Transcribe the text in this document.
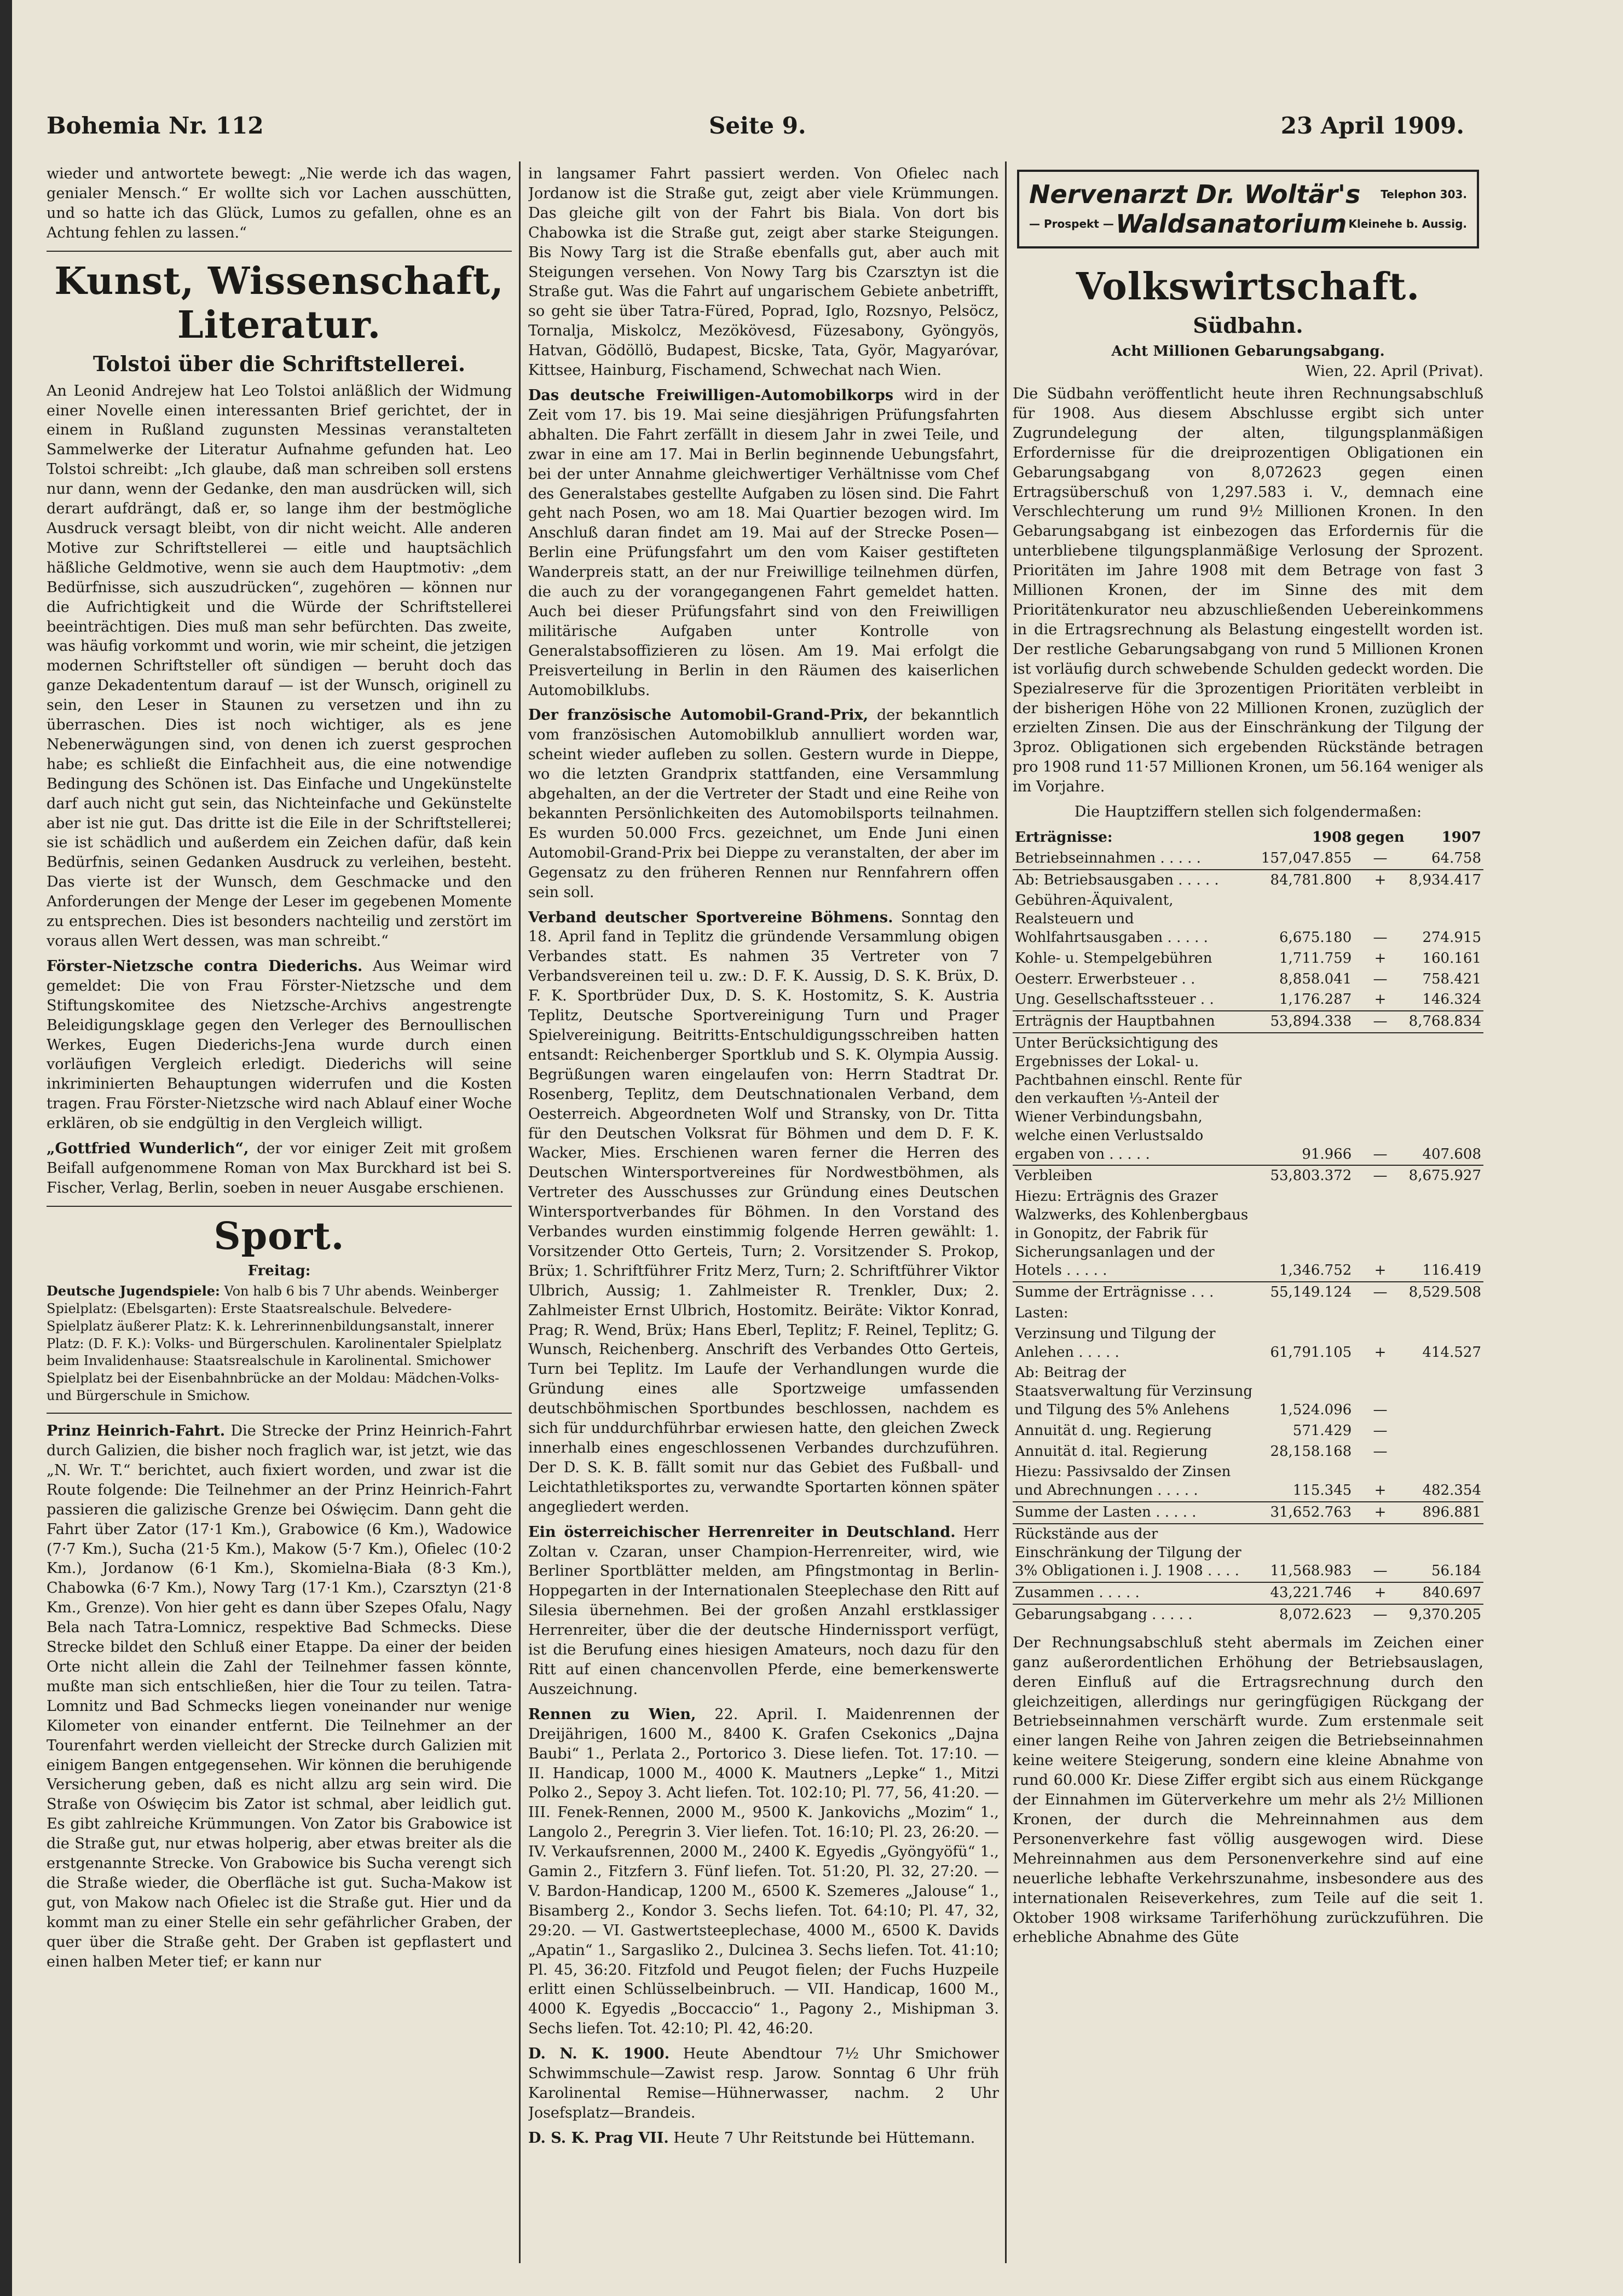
Bohemia Nr. 112	Seite 9.	23 April 1909.

wieder und antwortete bewegt: „Nie werde ich das wagen, genialer Mensch.“ Er wollte sich vor Lachen ausschütten, und so hatte ich das Glück, Lumos zu gefallen, ohne es an Achtung fehlen zu lassen.“

Kunst, Wissenschaft, Literatur.
Tolstoi über die Schriftstellerei.

An Leonid Andrejew hat Leo Tolstoi anläßlich der Widmung einer Novelle einen interessanten Brief gerichtet, der in einem in Rußland zugunsten Messinas veranstalteten Sammelwerke der Literatur Aufnahme gefunden hat. Leo Tolstoi schreibt: „Ich glaube, daß man schreiben soll erstens nur dann, wenn der Gedanke, den man ausdrücken will, sich derart aufdrängt, daß er, so lange ihm der bestmögliche Ausdruck versagt bleibt, von dir nicht weicht. Alle anderen Motive zur Schriftstellerei — eitle und hauptsächlich häßliche Geldmotive, wenn sie auch dem Hauptmotiv: „dem Bedürfnisse, sich auszudrücken“, zugehören — können nur die Aufrichtigkeit und die Würde der Schriftstellerei beeinträchtigen. Dies muß man sehr befürchten. Das zweite, was häufig vorkommt und worin, wie mir scheint, die jetzigen modernen Schriftsteller oft sündigen — beruht doch das ganze Dekadententum darauf — ist der Wunsch, originell zu sein, den Leser in Staunen zu versetzen und ihn zu überraschen. Dies ist noch wichtiger, als es jene Nebenerwägungen sind, von denen ich zuerst gesprochen habe; es schließt die Einfachheit aus, die eine notwendige Bedingung des Schönen ist. Das Einfache und Ungekünstelte darf auch nicht gut sein, das Nichteinfache und Gekünstelte aber ist nie gut. Das dritte ist die Eile in der Schriftstellerei; sie ist schädlich und außerdem ein Zeichen dafür, daß kein Bedürfnis, seinen Gedanken Ausdruck zu verleihen, besteht. Das vierte ist der Wunsch, dem Geschmacke und den Anforderungen der Menge der Leser im gegebenen Momente zu entsprechen. Dies ist besonders nachteilig und zerstört im voraus allen Wert dessen, was man schreibt.“

Förster-Nietzsche contra Diederichs. Aus Weimar wird gemeldet: Die von Frau Förster-Nietzsche und dem Stiftungskomitee des Nietzsche-Archivs angestrengte Beleidigungsklage gegen den Verleger des Bernoullischen Werkes, Eugen Diederichs-Jena wurde durch einen vorläufigen Vergleich erledigt. Diederichs will seine inkriminierten Behauptungen widerrufen und die Kosten tragen. Frau Förster-Nietzsche wird nach Ablauf einer Woche erklären, ob sie endgültig in den Vergleich willigt.

„Gottfried Wunderlich“, der vor einiger Zeit mit großem Beifall aufgenommene Roman von Max Burckhard ist bei S. Fischer, Verlag, Berlin, soeben in neuer Ausgabe erschienen.

Sport.
Freitag:

Deutsche Jugendspiele: Von halb 6 bis 7 Uhr abends. Weinberger Spielplatz: (Ebelsgarten): Erste Staatsrealschule. Belvedere-Spielplatz äußerer Platz: K. k. Lehrerinnenbildungsanstalt, innerer Platz: (D. F. K.): Volks- und Bürgerschulen. Karolinentaler Spielplatz beim Invalidenhause: Staatsrealschule in Karolinental. Smichower Spielplatz bei der Eisenbahnbrücke an der Moldau: Mädchen-Volks- und Bürgerschule in Smichow.

Prinz Heinrich-Fahrt. Die Strecke der Prinz Heinrich-Fahrt durch Galizien, die bisher noch fraglich war, ist jetzt, wie das „N. Wr. T.“ berichtet, auch fixiert worden, und zwar ist die Route folgende: Die Teilnehmer an der Prinz Heinrich-Fahrt passieren die galizische Grenze bei Oświęcim. Dann geht die Fahrt über Zator (17·1 Km.), Grabowice (6 Km.), Wadowice (7·7 Km.), Sucha (21·5 Km.), Makow (5·7 Km.), Ofielec (10·2 Km.), Jordanow (6·1 Km.), Skomielna-Biała (8·3 Km.), Chabowka (6·7 Km.), Nowy Targ (17·1 Km.), Czarsztyn (21·8 Km., Grenze). Von hier geht es dann über Szepes Ofalu, Nagy Bela nach Tatra-Lomnicz, respektive Bad Schmecks. Diese Strecke bildet den Schluß einer Etappe. Da einer der beiden Orte nicht allein die Zahl der Teilnehmer fassen könnte, mußte man sich entschließen, hier die Tour zu teilen. Tatra-Lomnitz und Bad Schmecks liegen voneinander nur wenige Kilometer von einander entfernt. Die Teilnehmer an der Tourenfahrt werden vielleicht der Strecke durch Galizien mit einigem Bangen entgegensehen. Wir können die beruhigende Versicherung geben, daß es nicht allzu arg sein wird. Die Straße von Oświęcim bis Zator ist schmal, aber leidlich gut. Es gibt zahlreiche Krümmungen. Von Zator bis Grabowice ist die Straße gut, nur etwas holperig, aber etwas breiter als die erstgenannte Strecke. Von Grabowice bis Sucha verengt sich die Straße wieder, die Oberfläche ist gut. Sucha-Makow ist gut, von Makow nach Ofielec ist die Straße gut. Hier und da kommt man zu einer Stelle ein sehr gefährlicher Graben, der quer über die Straße geht. Der Graben ist gepflastert und einen halben Meter tief; er kann nur

in langsamer Fahrt passiert werden. Von Ofielec nach Jordanow ist die Straße gut, zeigt aber viele Krümmungen. Das gleiche gilt von der Fahrt bis Biala. Von dort bis Chabowka ist die Straße gut, zeigt aber starke Steigungen. Bis Nowy Targ ist die Straße ebenfalls gut, aber auch mit Steigungen versehen. Von Nowy Targ bis Czarsztyn ist die Straße gut. Was die Fahrt auf ungarischem Gebiete anbetrifft, so geht sie über Tatra-Füred, Poprad, Iglo, Rozsnyo, Pelsöcz, Tornalja, Miskolcz, Mezökövesd, Füzesabony, Gyöngyös, Hatvan, Gödöllö, Budapest, Bicske, Tata, Györ, Magyaróvar, Kittsee, Hainburg, Fischamend, Schwechat nach Wien.

Das deutsche Freiwilligen-Automobilkorps wird in der Zeit vom 17. bis 19. Mai seine diesjährigen Prüfungsfahrten abhalten. Die Fahrt zerfällt in diesem Jahr in zwei Teile, und zwar in eine am 17. Mai in Berlin beginnende Uebungsfahrt, bei der unter Annahme gleichwertiger Verhältnisse vom Chef des Generalstabes gestellte Aufgaben zu lösen sind. Die Fahrt geht nach Posen, wo am 18. Mai Quartier bezogen wird. Im Anschluß daran findet am 19. Mai auf der Strecke Posen—Berlin eine Prüfungsfahrt um den vom Kaiser gestifteten Wanderpreis statt, an der nur Freiwillige teilnehmen dürfen, die auch zu der vorangegangenen Fahrt gemeldet hatten. Auch bei dieser Prüfungsfahrt sind von den Freiwilligen militärische Aufgaben unter Kontrolle von Generalstabsoffizieren zu lösen. Am 19. Mai erfolgt die Preisverteilung in Berlin in den Räumen des kaiserlichen Automobilklubs.

Der französische Automobil-Grand-Prix, der bekanntlich vom französischen Automobilklub annulliert worden war, scheint wieder aufleben zu sollen. Gestern wurde in Dieppe, wo die letzten Grandprix stattfanden, eine Versammlung abgehalten, an der die Vertreter der Stadt und eine Reihe von bekannten Persönlichkeiten des Automobilsports teilnahmen. Es wurden 50.000 Frcs. gezeichnet, um Ende Juni einen Automobil-Grand-Prix bei Dieppe zu veranstalten, der aber im Gegensatz zu den früheren Rennen nur Rennfahrern offen sein soll.

Verband deutscher Sportvereine Böhmens. Sonntag den 18. April fand in Teplitz die gründende Versammlung obigen Verbandes statt. Es nahmen 35 Vertreter von 7 Verbandsvereinen teil u. zw.: D. F. K. Aussig, D. S. K. Brüx, D. F. K. Sportbrüder Dux, D. S. K. Hostomitz, S. K. Austria Teplitz, Deutsche Sportvereinigung Turn und Prager Spielvereinigung. Beitritts-Entschuldigungsschreiben hatten entsandt: Reichenberger Sportklub und S. K. Olympia Aussig. Begrüßungen waren eingelaufen von: Herrn Stadtrat Dr. Rosenberg, Teplitz, dem Deutschnationalen Verband, dem Oesterreich. Abgeordneten Wolf und Stransky, von Dr. Titta für den Deutschen Volksrat für Böhmen und dem D. F. K. Wacker, Mies. Erschienen waren ferner die Herren des Deutschen Wintersportvereines für Nordwestböhmen, als Vertreter des Ausschusses zur Gründung eines Deutschen Wintersportverbandes für Böhmen. In den Vorstand des Verbandes wurden einstimmig folgende Herren gewählt: 1. Vorsitzender Otto Gerteis, Turn; 2. Vorsitzender S. Prokop, Brüx; 1. Schriftführer Fritz Merz, Turn; 2. Schriftführer Viktor Ulbrich, Aussig; 1. Zahlmeister R. Trenkler, Dux; 2. Zahlmeister Ernst Ulbrich, Hostomitz. Beiräte: Viktor Konrad, Prag; R. Wend, Brüx; Hans Eberl, Teplitz; F. Reinel, Teplitz; G. Wunsch, Reichenberg. Anschrift des Verbandes Otto Gerteis, Turn bei Teplitz. Im Laufe der Verhandlungen wurde die Gründung eines alle Sportzweige umfassenden deutschböhmischen Sportbundes beschlossen, nachdem es sich für unddurchführbar erwiesen hatte, den gleichen Zweck innerhalb eines engeschlossenen Verbandes durchzuführen. Der D. S. K. B. fällt somit nur das Gebiet des Fußball- und Leichtathletiksportes zu, verwandte Sportarten können später angegliedert werden.

Ein österreichischer Herrenreiter in Deutschland. Herr Zoltan v. Czaran, unser Champion-Herrenreiter, wird, wie Berliner Sportblätter melden, am Pfingstmontag in Berlin-Hoppegarten in der Internationalen Steeplechase den Ritt auf Silesia übernehmen. Bei der großen Anzahl erstklassiger Herrenreiter, über die der deutsche Hindernissport verfügt, ist die Berufung eines hiesigen Amateurs, noch dazu für den Ritt auf einen chancenvollen Pferde, eine bemerkenswerte Auszeichnung.

Rennen zu Wien, 22. April. I. Maidenrennen der Dreijährigen, 1600 M., 8400 K. Grafen Csekonics „Dajna Baubi“ 1., Perlata 2., Portorico 3. Diese liefen. Tot. 17:10. — II. Handicap, 1000 M., 4000 K. Mautners „Lepke“ 1., Mitzi Polko 2., Sepoy 3. Acht liefen. Tot. 102:10; Pl. 77, 56, 41:20. — III. Fenek-Rennen, 2000 M., 9500 K. Jankovichs „Mozim“ 1., Langolo 2., Peregrin 3. Vier liefen. Tot. 16:10; Pl. 23, 26:20. — IV. Verkaufsrennen, 2000 M., 2400 K. Egyedis „Gyöngyöfü“ 1., Gamin 2., Fitzfern 3. Fünf liefen. Tot. 51:20, Pl. 32, 27:20. — V. Bardon-Handicap, 1200 M., 6500 K. Szemeres „Jalouse“ 1., Bisamberg 2., Kondor 3. Sechs liefen. Tot. 64:10; Pl. 47, 32, 29:20. — VI. Gastwertsteeplechase, 4000 M., 6500 K. Davids „Apatin“ 1., Sargasliko 2., Dulcinea 3. Sechs liefen. Tot. 41:10; Pl. 45, 36:20. Fitzfold und Peugot fielen; der Fuchs Huzpeile erlitt einen Schlüsselbeinbruch. — VII. Handicap, 1600 M., 4000 K. Egyedis „Boccaccio“ 1., Pagony 2., Mishipman 3. Sechs liefen. Tot. 42:10; Pl. 42, 46:20.

D. N. K. 1900. Heute Abendtour 7½ Uhr Smichower Schwimmschule—Zawist resp. Jarow. Sonntag 6 Uhr früh Karolinental Remise—Hühnerwasser, nachm. 2 Uhr Josefsplatz—Brandeis.

D. S. K. Prag VII. Heute 7 Uhr Reitstunde bei Hüttemann.

Nervenarzt Dr. Woltär's Telephon 303.
— Prospekt — Waldsanatorium Kleinehe b. Aussig.
Volkswirtschaft.
Südbahn.
Acht Millionen Gebarungsabgang.
Wien, 22. April (Privat).

Die Südbahn veröffentlicht heute ihren Rechnungsabschluß für 1908. Aus diesem Abschlusse ergibt sich unter Zugrundelegung der alten, tilgungsplanmäßigen Erfordernisse für die dreiprozentigen Obligationen ein Gebarungsabgang von 8,072623 gegen einen Ertragsüberschuß von 1,297.583 i. V., demnach eine Verschlechterung um rund 9½ Millionen Kronen. In den Gebarungsabgang ist einbezogen das Erfordernis für die unterbliebene tilgungsplanmäßige Verlosung der Sprozent. Prioritäten im Jahre 1908 mit dem Betrage von fast 3 Millionen Kronen, der im Sinne des mit dem Prioritätenkurator neu abzuschließenden Uebereinkommens in die Ertragsrechnung als Belastung eingestellt worden ist. Der restliche Gebarungsabgang von rund 5 Millionen Kronen ist vorläufig durch schwebende Schulden gedeckt worden. Die Spezialreserve für die 3prozentigen Prioritäten verbleibt in der bisherigen Höhe von 22 Millionen Kronen, zuzüglich der erzielten Zinsen. Die aus der Einschränkung der Tilgung der 3proz. Obligationen sich ergebenden Rückstände betragen pro 1908 rund 11·57 Millionen Kronen, um 56.164 weniger als im Vorjahre.

Die Hauptziffern stellen sich folgendermaßen:

Erträgnisse:	1908	gegen	1907
Betriebseinnahmen . . . . .	157,047.855	—	64.758
Ab: Betriebsausgaben . . . . .	84,781.800	+	8,934.417
Gebühren-Äquivalent, Realsteuern und Wohlfahrtsausgaben . . . . .	6,675.180	—	274.915
Kohle- u. Stempelgebühren	1,711.759	+	160.161
Oesterr. Erwerbsteuer . .	8,858.041	—	758.421
Ung. Gesellschaftssteuer . .	1,176.287	+	146.324
Erträgnis der Hauptbahnen	53,894.338	—	8,768.834
Unter Berücksichtigung des Ergebnisses der Lokal- u. Pachtbahnen einschl. Rente für den verkauften ⅓-Anteil der Wiener Verbindungsbahn, welche einen Verlustsaldo ergaben von . . . . .	91.966	—	407.608
Verbleiben	53,803.372	—	8,675.927
Hiezu: Erträgnis des Grazer Walzwerks, des Kohlenbergbaus in Gonopitz, der Fabrik für Sicherungsanlagen und der Hotels . . . . .	1,346.752	+	116.419
Summe der Erträgnisse . . .	55,149.124	—	8,529.508
Lasten:			
Verzinsung und Tilgung der Anlehen . . . . .	61,791.105	+	414.527
Ab: Beitrag der Staatsverwaltung für Verzinsung und Tilgung des 5% Anlehens	1,524.096	—	
Annuität d. ung. Regierung	571.429	—	
Annuität d. ital. Regierung	28,158.168	—	
Hiezu: Passivsaldo der Zinsen und Abrechnungen . . . . .	115.345	+	482.354
Summe der Lasten . . . . .	31,652.763	+	896.881
Rückstände aus der Einschränkung der Tilgung der 3% Obligationen i. J. 1908 . . . .	11,568.983	—	56.184
Zusammen . . . . .	43,221.746	+	840.697
Gebarungsabgang . . . . .	8,072.623	—	9,370.205

Der Rechnungsabschluß steht abermals im Zeichen einer ganz außerordentlichen Erhöhung der Betriebsauslagen, deren Einfluß auf die Ertragsrechnung durch den gleichzeitigen, allerdings nur geringfügigen Rückgang der Betriebseinnahmen verschärft wurde. Zum erstenmale seit einer langen Reihe von Jahren zeigen die Betriebseinnahmen keine weitere Steigerung, sondern eine kleine Abnahme von rund 60.000 Kr. Diese Ziffer ergibt sich aus einem Rückgange der Einnahmen im Güterverkehre um mehr als 2½ Millionen Kronen, der durch die Mehreinnahmen aus dem Personenverkehre fast völlig ausgewogen wird. Diese Mehreinnahmen aus dem Personenverkehre sind auf eine neuerliche lebhafte Verkehrszunahme, insbesondere aus des internationalen Reiseverkehres, zum Teile auf die seit 1. Oktober 1908 wirksame Tariferhöhung zurückzuführen. Die erhebliche Abnahme des Güte
